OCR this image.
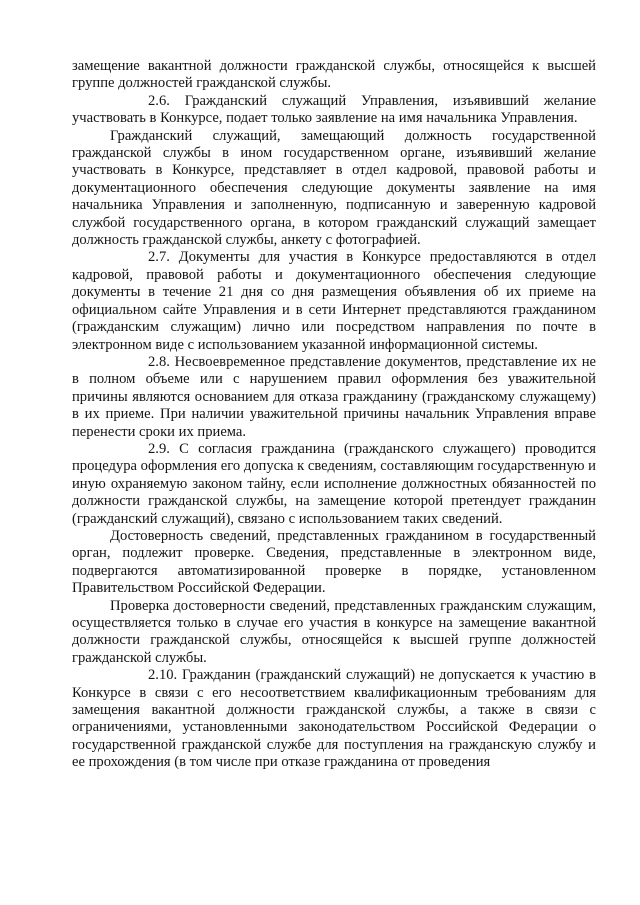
замещение вакантной должности гражданской службы, относящейся к высшей группе должностей гражданской службы.

2.6. Гражданский служащий Управления, изъявивший желание участвовать в Конкурсе, подает только заявление на имя начальника Управления.

Гражданский служащий, замещающий должность государственной гражданской службы в ином государственном органе, изъявивший желание участвовать в Конкурсе, представляет в отдел кадровой, правовой работы и документационного обеспечения следующие документы заявление на имя начальника Управления и заполненную, подписанную и заверенную кадровой службой государственного органа, в котором гражданский служащий замещает должность гражданской службы, анкету с фотографией.

2.7. Документы для участия в Конкурсе предоставляются в отдел кадровой, правовой работы и документационного обеспечения следующие документы в течение 21 дня со дня размещения объявления об их приеме на официальном сайте Управления и в сети Интернет представляются гражданином (гражданским служащим) лично или посредством направления по почте в электронном виде с использованием указанной информационной системы.

2.8. Несвоевременное представление документов, представление их не в полном объеме или с нарушением правил оформления без уважительной причины являются основанием для отказа гражданину (гражданскому служащему) в их приеме. При наличии уважительной причины начальник Управления вправе перенести сроки их приема.

2.9. С согласия гражданина (гражданского служащего) проводится процедура оформления его допуска к сведениям, составляющим государственную и иную охраняемую законом тайну, если исполнение должностных обязанностей по должности гражданской службы, на замещение которой претендует гражданин (гражданский служащий), связано с использованием таких сведений.

Достоверность сведений, представленных гражданином в государственный орган, подлежит проверке. Сведения, представленные в электронном виде, подвергаются автоматизированной проверке в порядке, установленном Правительством Российской Федерации.

Проверка достоверности сведений, представленных гражданским служащим, осуществляется только в случае его участия в конкурсе на замещение вакантной должности гражданской службы, относящейся к высшей группе должностей гражданской службы.

2.10. Гражданин (гражданский служащий) не допускается к участию в Конкурсе в связи с его несоответствием квалификационным требованиям для замещения вакантной должности гражданской службы, а также в связи с ограничениями, установленными законодательством Российской Федерации о государственной гражданской службе для поступления на гражданскую службу и ее прохождения (в том числе при отказе гражданина от проведения
